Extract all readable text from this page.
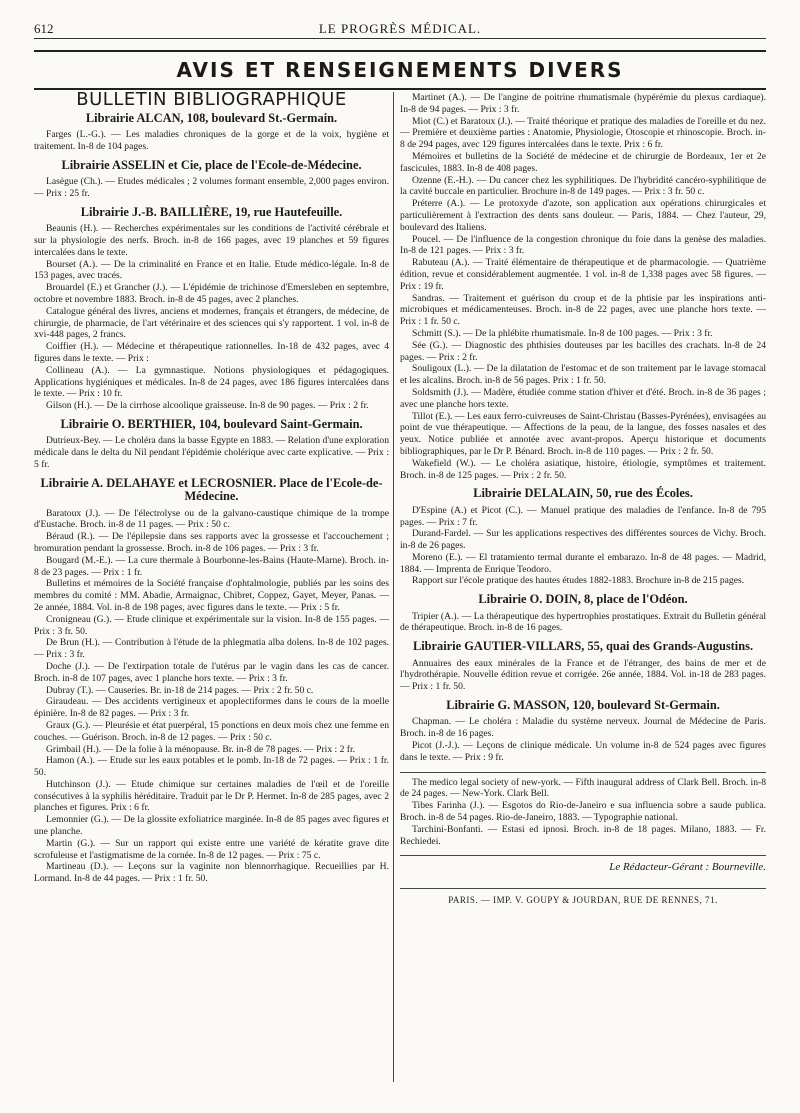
612	LE PROGRÈS MÉDICAL.
AVIS ET RENSEIGNEMENTS DIVERS
BULLETIN BIBLIOGRAPHIQUE
Librairie ALCAN, 108, boulevard St.-Germain.

Farges (L.-G.). — Les maladies chroniques de la gorge et de la voix, hygiène et traitement. In-8 de 104 pages.

Librairie ASSELIN et Cie, place de l'Ecole-de-Médecine.

Lasègue (Ch.). — Etudes médicales ; 2 volumes formant ensemble, 2,000 pages environ. — Prix : 25 fr.

Librairie J.-B. BAILLIÈRE, 19, rue Hautefeuille.

Beaunis (H.). — Recherches expérimentales sur les conditions de l'activité cérébrale et sur la physiologie des nerfs. Broch. in-8 de 166 pages, avec 19 planches et 59 figures intercalées dans le texte.

Bourset (A.). — De la criminalité en France et en Italie. Etude médico-légale. In-8 de 153 pages, avec tracés.

Brouardel (E.) et Grancher (J.). — L'épidémie de trichinose d'Emersleben en septembre, octobre et novembre 1883. Broch. in-8 de 45 pages, avec 2 planches.

Catalogue général des livres, anciens et modernes, français et étrangers, de médecine, de chirurgie, de pharmacie, de l'art vétérinaire et des sciences qui s'y rapportent. 1 vol. in-8 de xvi-448 pages, 2 francs.

Coiffier (H.). — Médecine et thérapeutique rationnelles. In-18 de 432 pages, avec 4 figures dans le texte. — Prix :

Collineau (A.). — La gymnastique. Notions physiologiques et pédagogiques. Applications hygiéniques et médicales. In-8 de 24 pages, avec 186 figures intercalées dans le texte. — Prix : 10 fr.

Gilson (H.). — De la cirrhose alcoolique graisseuse. In-8 de 90 pages. — Prix : 2 fr.

Librairie O. BERTHIER, 104, boulevard Saint-Germain.

Dutrieux-Bey. — Le choléra dans la basse Egypte en 1883. — Relation d'une exploration médicale dans le delta du Nil pendant l'épidémie cholérique avec carte explicative. — Prix : 5 fr.

Librairie A. DELAHAYE et LECROSNIER. Place de l'Ecole-de-Médecine.

Baratoux (J.). — De l'électrolyse ou de la galvano-caustique chimique de la trompe d'Eustache. Broch. in-8 de 11 pages. — Prix : 50 c.

Béraud (R.). — De l'épilepsie dans ses rapports avec la grossesse et l'accouchement ; bromuration pendant la grossesse. Broch. in-8 de 106 pages. — Prix : 3 fr.

Bougard (M.-E.). — La cure thermale à Bourbonne-les-Bains (Haute-Marne). Broch. in-8 de 23 pages. — Prix : 1 fr.

Bulletins et mémoires de la Société française d'ophtalmologie, publiés par les soins des membres du comité : MM. Abadie, Armaignac, Chibret, Coppez, Gayet, Meyer, Panas. — 2e année, 1884. Vol. in-8 de 198 pages, avec figures dans le texte. — Prix : 5 fr.

Cronigneau (G.). — Etude clinique et expérimentale sur la vision. In-8 de 155 pages. — Prix : 3 fr. 50.

De Brun (H.). — Contribution à l'étude de la phlegmatia alba dolens. In-8 de 102 pages. — Prix : 3 fr.

Doche (J.). — De l'extirpation totale de l'utérus par le vagin dans les cas de cancer. Broch. in-8 de 107 pages, avec 1 planche hors texte. — Prix : 3 fr.

Dubray (T.). — Causeries. Br. in-18 de 214 pages. — Prix : 2 fr. 50 c.

Giraudeau. — Des accidents vertigineux et apoplectiformes dans le cours de la moelle épinière. In-8 de 82 pages. — Prix : 3 fr.

Graux (G.). — Pleurésie et état puerpéral, 15 ponctions en deux mois chez une femme en couches. — Guérison. Broch. in-8 de 12 pages. — Prix : 50 c.

Grimbail (H.). — De la folie à la ménopause. Br. in-8 de 78 pages. — Prix : 2 fr.

Hamon (A.). — Etude sur les eaux potables et le pomb. In-18 de 72 pages. — Prix : 1 fr. 50.

Hutchinson (J.). — Etude chimique sur certaines maladies de l'œil et de l'oreille consécutives à la syphilis héréditaire. Traduit par le Dr P. Hermet. In-8 de 285 pages, avec 2 planches et figures. Prix : 6 fr.

Lemonnier (G.). — De la glossite exfoliatrice marginée. In-8 de 85 pages avec figures et une planche.

Martin (G.). — Sur un rapport qui existe entre une variété de kératite grave dite scrofuleuse et l'astigmatisme de la cornée. In-8 de 12 pages. — Prix : 75 c.

Martineau (D.). — Leçons sur la vaginite non blennorrhagique. Recueillies par H. Lormand. In-8 de 44 pages. — Prix : 1 fr. 50.

Martinet (A.). — De l'angine de poitrine rhumatismale (hypérémie du plexus cardiaque). In-8 de 94 pages. — Prix : 3 fr.

Miot (C.) et Baratoux (J.). — Traité théorique et pratique des maladies de l'oreille et du nez. — Première et deuxième parties : Anatomie, Physiologie, Otoscopie et rhinoscopie. Broch. in-8 de 294 pages, avec 129 figures intercalées dans le texte. Prix : 6 fr.

Mémoires et bulletins de la Société de médecine et de chirurgie de Bordeaux, 1er et 2e fascicules, 1883. In-8 de 408 pages.

Ozenne (E.-H.). — Du cancer chez les syphilitiques. De l'hybridité cancéro-syphilitique de la cavité buccale en particulier. Brochure in-8 de 149 pages. — Prix : 3 fr. 50 c.

Préterre (A.). — Le protoxyde d'azote, son application aux opérations chirurgicales et particulièrement à l'extraction des dents sans douleur. — Paris, 1884. — Chez l'auteur, 29, boulevard des Italiens.

Poucel. — De l'influence de la congestion chronique du foie dans la genèse des maladies. In-8 de 121 pages. — Prix : 3 fr.

Rabuteau (A.). — Traité élémentaire de thérapeutique et de pharmacologie. — Quatrième édition, revue et considérablement augmentée. 1 vol. in-8 de 1,338 pages avec 58 figures. — Prix : 19 fr.

Sandras. — Traitement et guérison du croup et de la phtisie par les inspirations anti-microbiques et médicamenteuses. Broch. in-8 de 22 pages, avec une planche hors texte. — Prix : 1 fr. 50 c.

Schmitt (S.). — De la phlébite rhumatismale. In-8 de 100 pages. — Prix : 3 fr.

Sée (G.). — Diagnostic des phthisies douteuses par les bacilles des crachats. In-8 de 24 pages. — Prix : 2 fr.

Souligoux (L.). — De la dilatation de l'estomac et de son traitement par le lavage stomacal et les alcalins. Broch. in-8 de 56 pages. Prix : 1 fr. 50.

Soldsmith (J.). — Madère, étudiée comme station d'hiver et d'été. Broch. in-8 de 36 pages ; avec une planche hors texte.

Tillot (E.). — Les eaux ferro-cuivreuses de Saint-Christau (Basses-Pyrénées), envisagées au point de vue thérapeutique. — Affections de la peau, de la langue, des fosses nasales et des yeux. Notice publiée et annotée avec avant-propos. Aperçu historique et documents bibliographiques, par le Dr P. Bénard. Broch. in-8 de 110 pages. — Prix : 2 fr. 50.

Wakefield (W.). — Le choléra asiatique, histoire, étiologie, symptômes et traitement. Broch. in-8 de 125 pages. — Prix : 2 fr. 50.

Librairie DELALAIN, 50, rue des Écoles.

D'Espine (A.) et Picot (C.). — Manuel pratique des maladies de l'enfance. In-8 de 795 pages. — Prix : 7 fr.

Durand-Fardel. — Sur les applications respectives des différentes sources de Vichy. Broch. in-8 de 26 pages.

Moreno (E.). — El tratamiento termal durante el embarazo. In-8 de 48 pages. — Madrid, 1884. — Imprenta de Enrique Teodoro.

Rapport sur l'école pratique des hautes études 1882-1883. Brochure in-8 de 215 pages.

Librairie O. DOIN, 8, place de l'Odéon.

Tripier (A.). — La thérapeutique des hypertrophies prostatiques. Extrait du Bulletin général de thérapeutique. Broch. in-8 de 16 pages.

Librairie GAUTIER-VILLARS, 55, quai des Grands-Augustins.

Annuaires des eaux minérales de la France et de l'étranger, des bains de mer et de l'hydrothérapie. Nouvelle édition revue et corrigée. 26e année, 1884. Vol. in-18 de 283 pages. — Prix : 1 fr. 50.

Librairie G. MASSON, 120, boulevard St-Germain.

Chapman. — Le choléra : Maladie du système nerveux. Journal de Médecine de Paris. Broch. in-8 de 16 pages.

Picot (J.-J.). — Leçons de clinique médicale. Un volume in-8 de 524 pages avec figures dans le texte. — Prix : 9 fr.

The medico legal society of new-york. — Fifth inaugural address of Clark Bell. Broch. in-8 de 24 pages. — New-York. Clark Bell.

Tibes Farinha (J.). — Esgotos do Rio-de-Janeiro e sua influencia sobre a saude publica. Broch. in-8 de 54 pages. Rio-de-Janeiro, 1883. — Typographie national.

Tarchini-Bonfanti. — Estasi ed ipnosi. Broch. in-8 de 18 pages. Milano, 1883. — Fr. Rechiedei.

Le Rédacteur-Gérant : Bourneville.
PARIS. — IMP. V. GOUPY & JOURDAN, RUE DE RENNES, 71.
